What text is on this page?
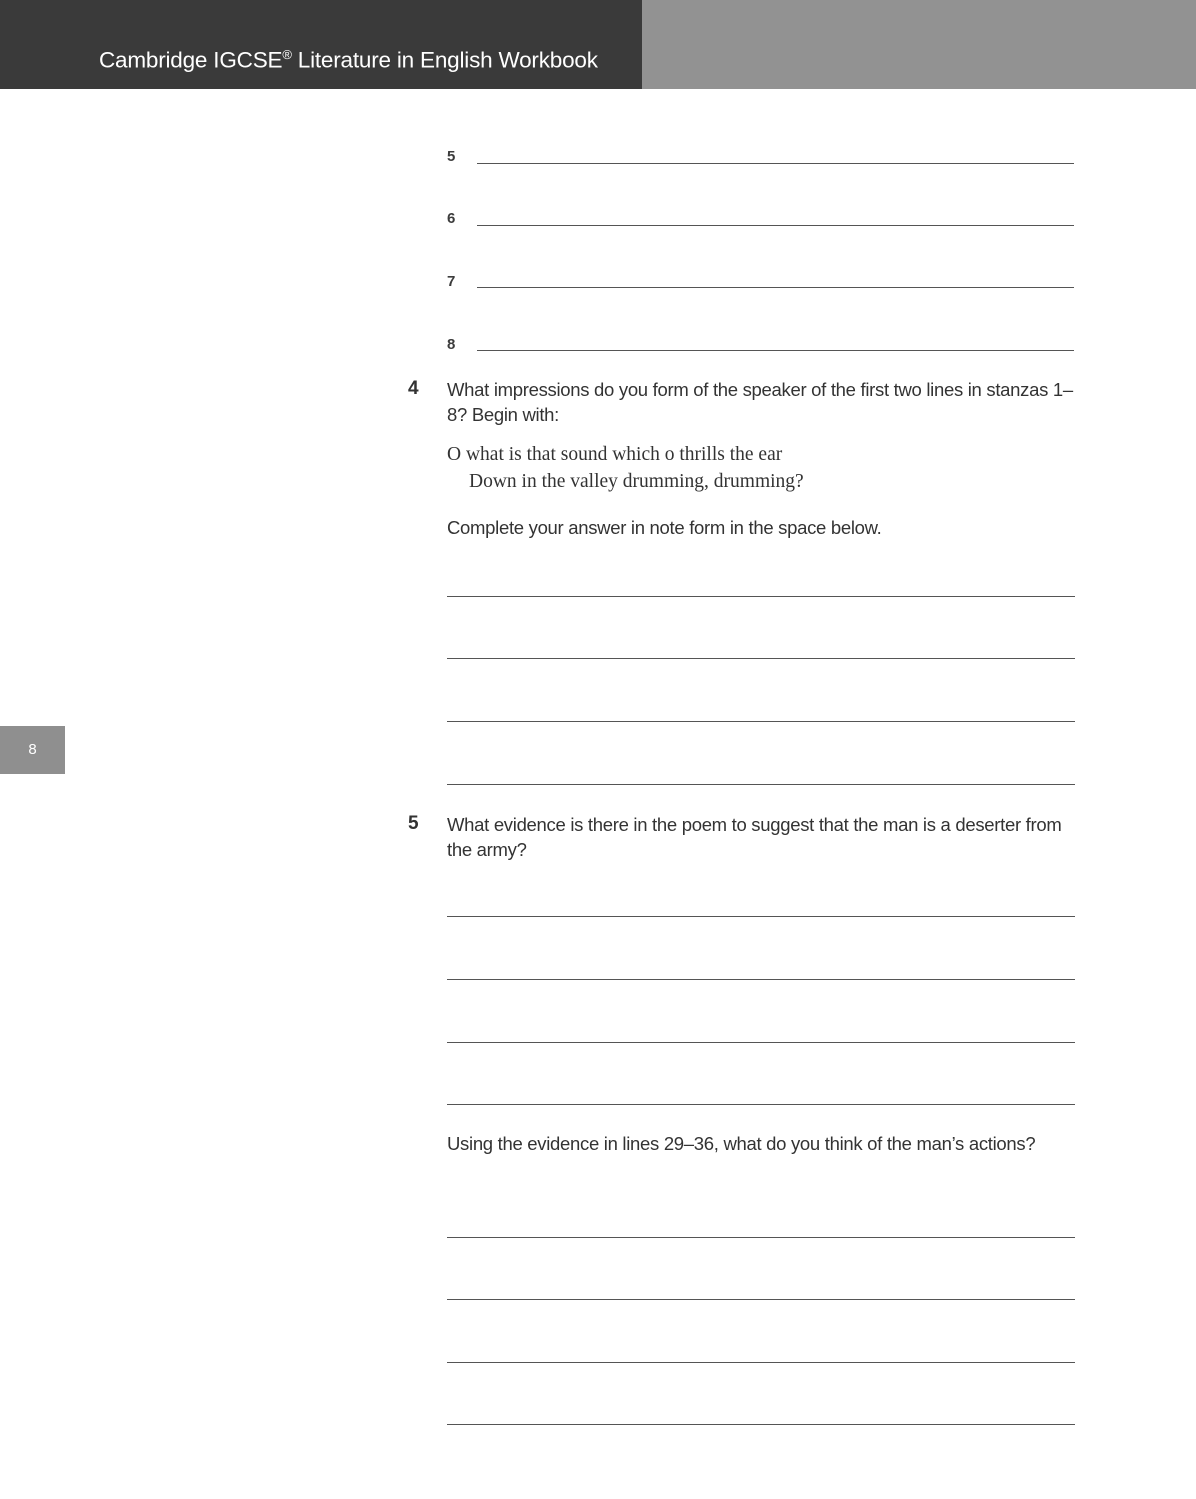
Cambridge IGCSE® Literature in English Workbook
8
5
6
7
8
4 What impressions do you form of the speaker of the first two lines in stanzas 1–8? Begin with:
O what is that sound which o thrills the ear
Down in the valley drumming, drumming?
Complete your answer in note form in the space below.
5 What evidence is there in the poem to suggest that the man is a deserter from the army?
Using the evidence in lines 29–36, what do you think of the man’s actions?
